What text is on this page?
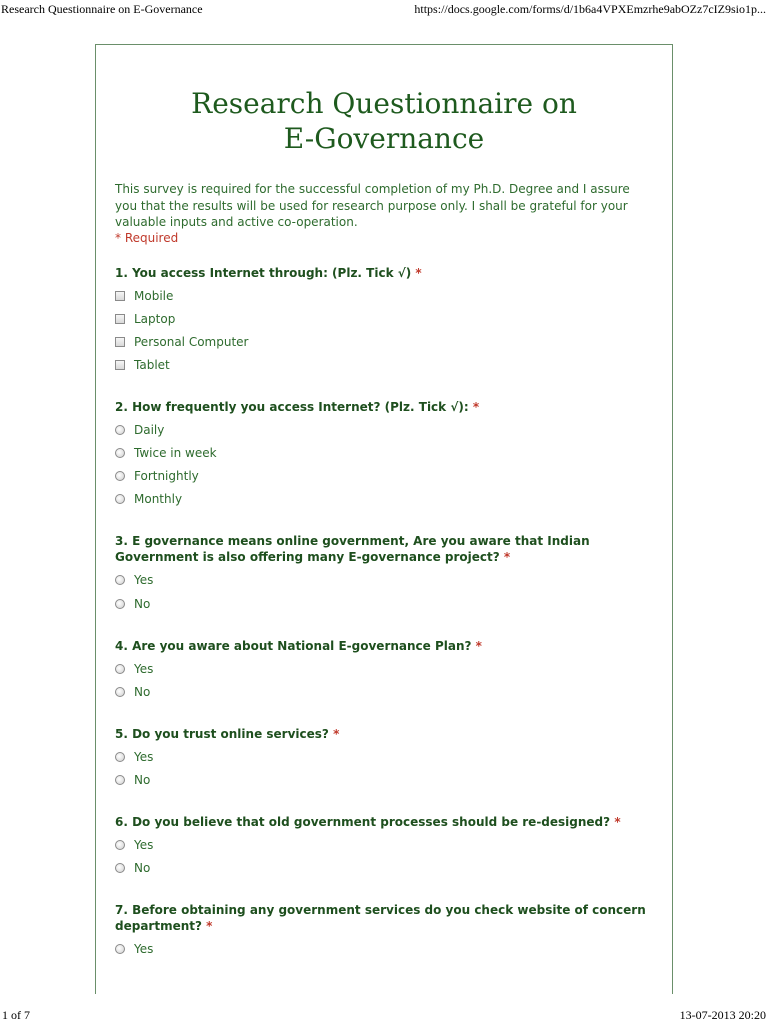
Research Questionnaire on E-Governance	https://docs.google.com/forms/d/1b6a4VPXEmzrhe9abOZz7cIZ9sio1p...
Research Questionnaire on
E-Governance
This survey is required for the successful completion of my Ph.D. Degree and I assure you that the results will be used for research purpose only. I shall be grateful for your valuable inputs and active co-operation.
* Required
1. You access Internet through: (Plz. Tick √) *
Mobile
Laptop
Personal Computer
Tablet
2. How frequently you access Internet? (Plz. Tick √): *
Daily
Twice in week
Fortnightly
Monthly
3. E governance means online government, Are you aware that Indian Government is also offering many E-governance project? *
Yes
No
4. Are you aware about National E-governance Plan? *
Yes
No
5. Do you trust online services? *
Yes
No
6. Do you believe that old government processes should be re-designed? *
Yes
No
7. Before obtaining any government services do you check website of concern department? *
Yes
1 of 7	13-07-2013 20:20
